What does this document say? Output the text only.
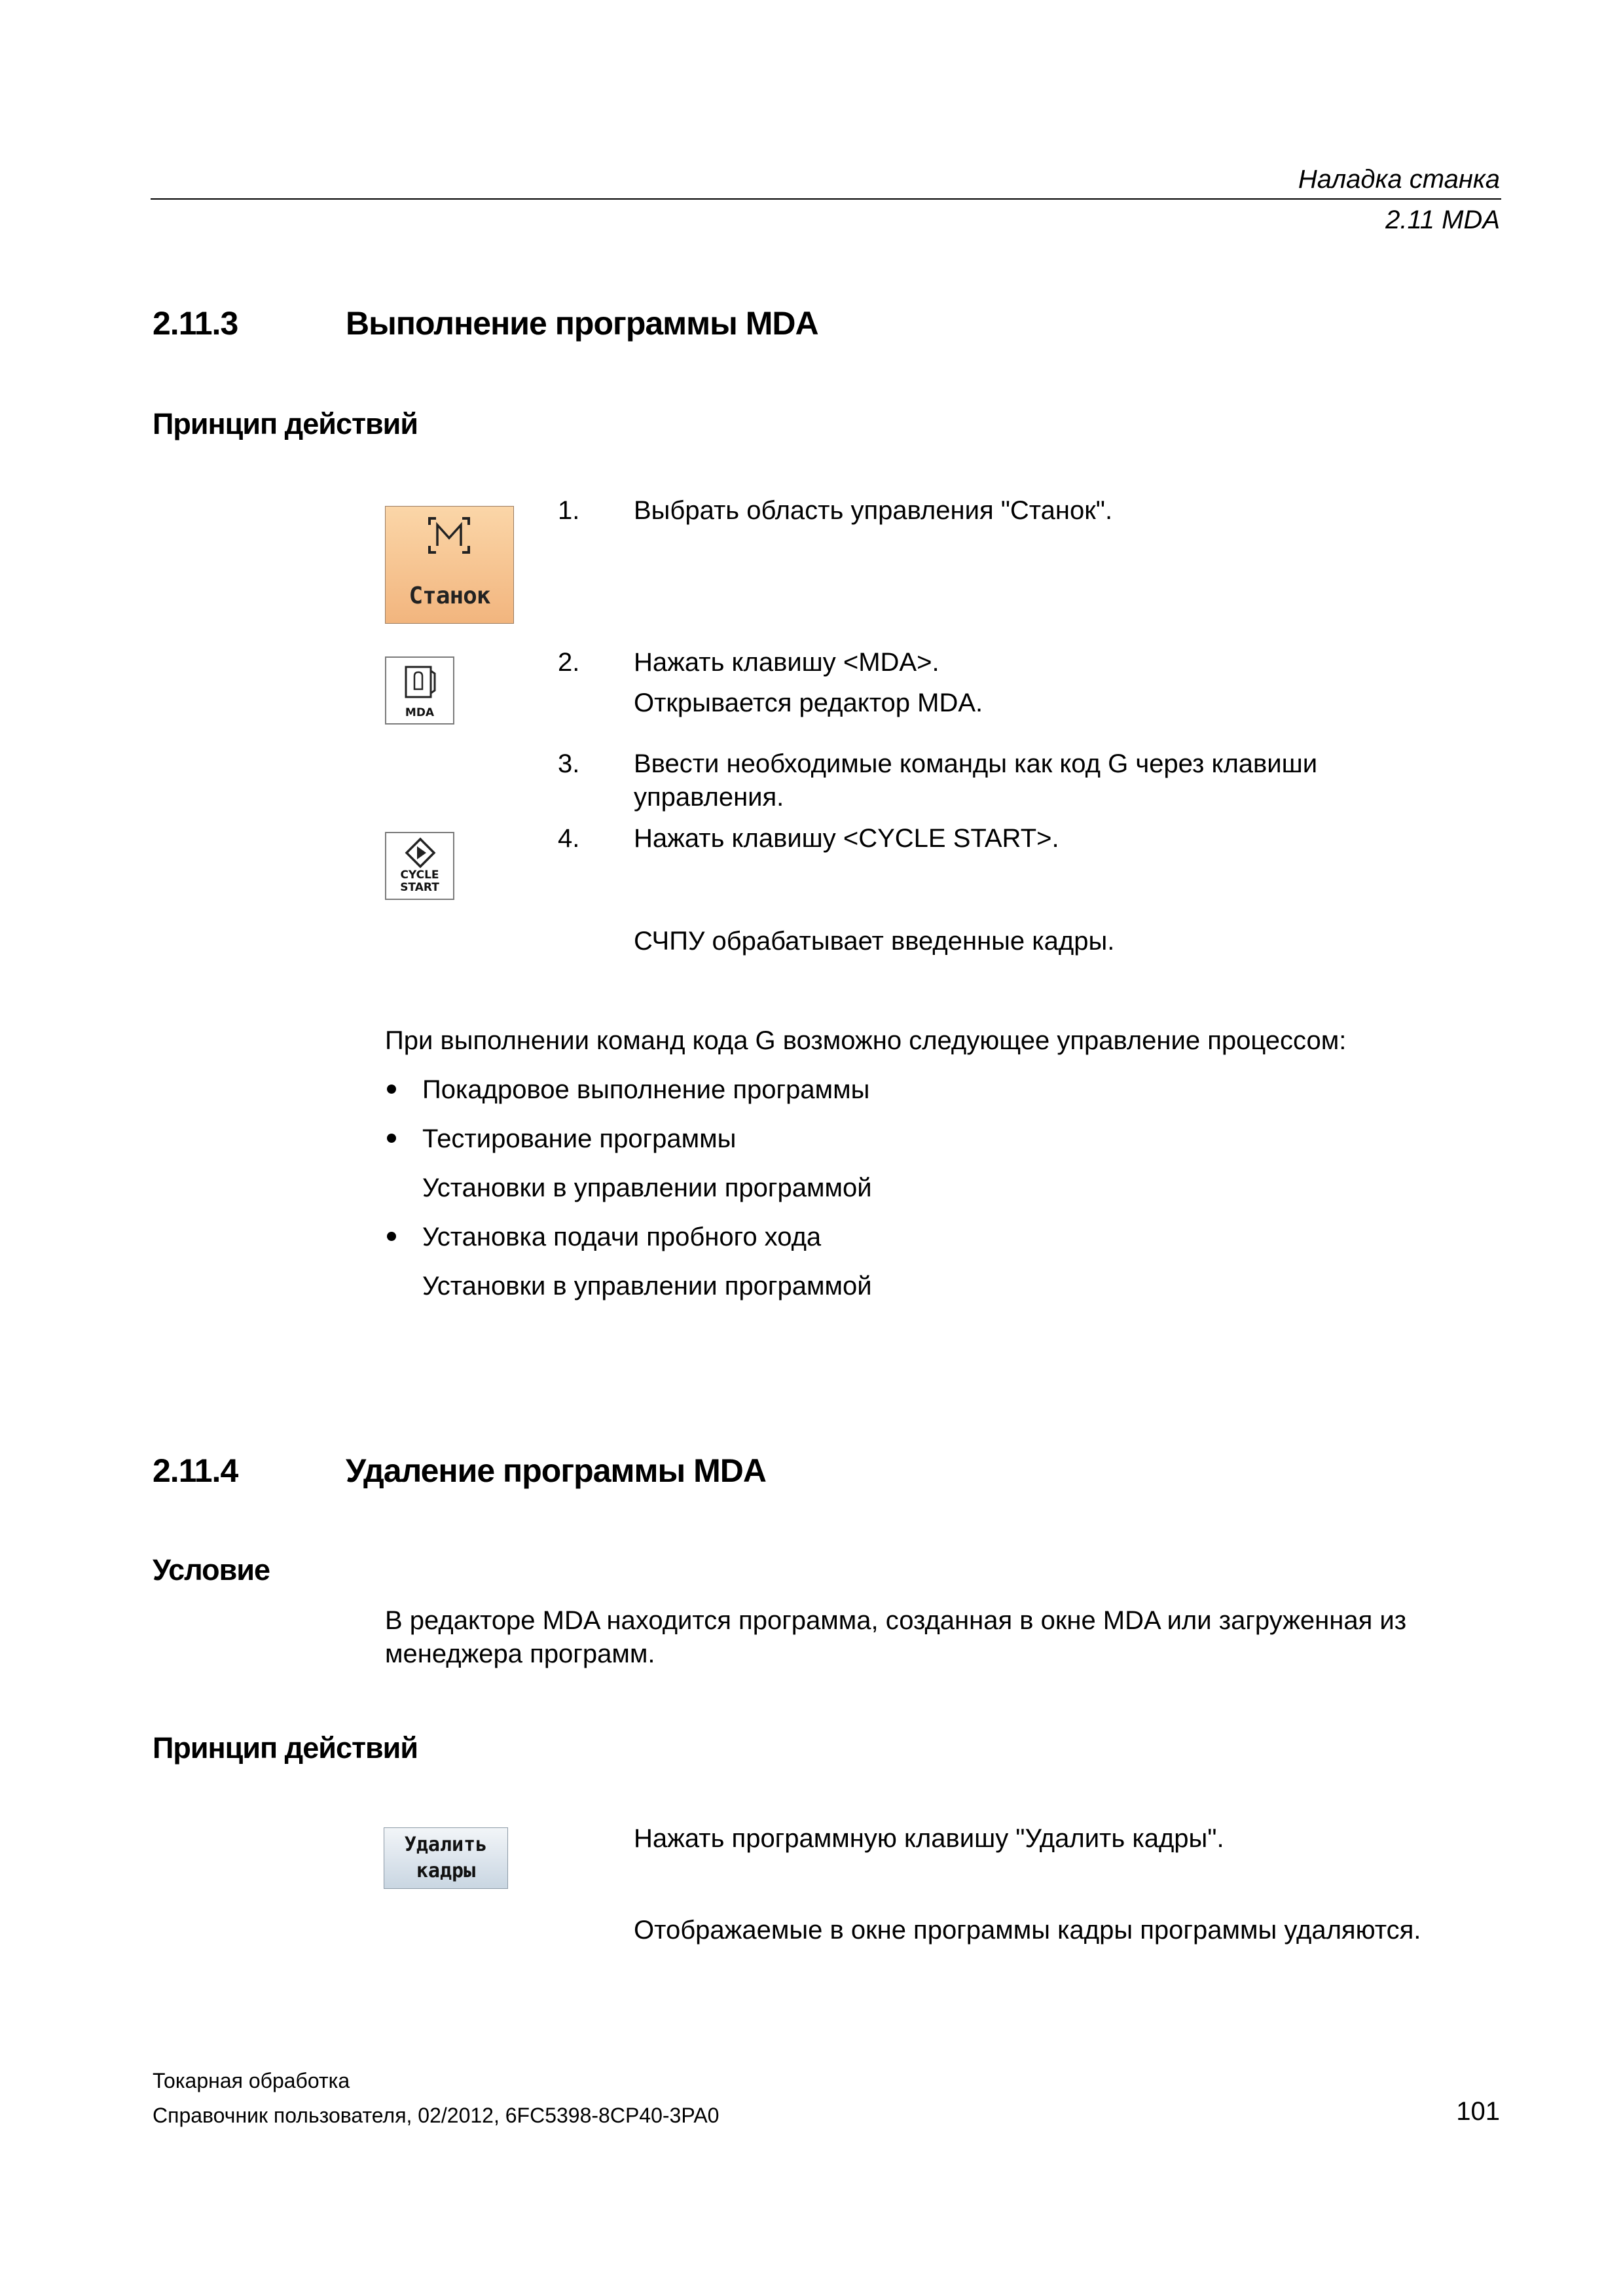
Наладка станка
2.11 MDA
2.11.3	Выполнение программы MDA
Принцип действий
Станок
1. Выбрать область управления "Станок".
MDA
2. Нажать клавишу <MDA>.
Открывается редактор MDA.
3. Ввести необходимые команды как код G через клавиши управления.
CYCLE
START
4. Нажать клавишу <CYCLE START>.
СЧПУ обрабатывает введенные кадры.
При выполнении команд кода G возможно следующее управление процессом:
Покадровое выполнение программы
Тестирование программы
Установки в управлении программой
Установка подачи пробного хода
Установки в управлении программой
2.11.4	Удаление программы MDA
Условие
В редакторе MDA находится программа, созданная в окне MDA или загруженная из менеджера программ.
Принцип действий
Удалить
кадры
Нажать программную клавишу "Удалить кадры".
Отображаемые в окне программы кадры программы удаляются.
Токарная обработка
Справочник пользователя, 02/2012, 6FC5398-8CP40-3PA0	101
